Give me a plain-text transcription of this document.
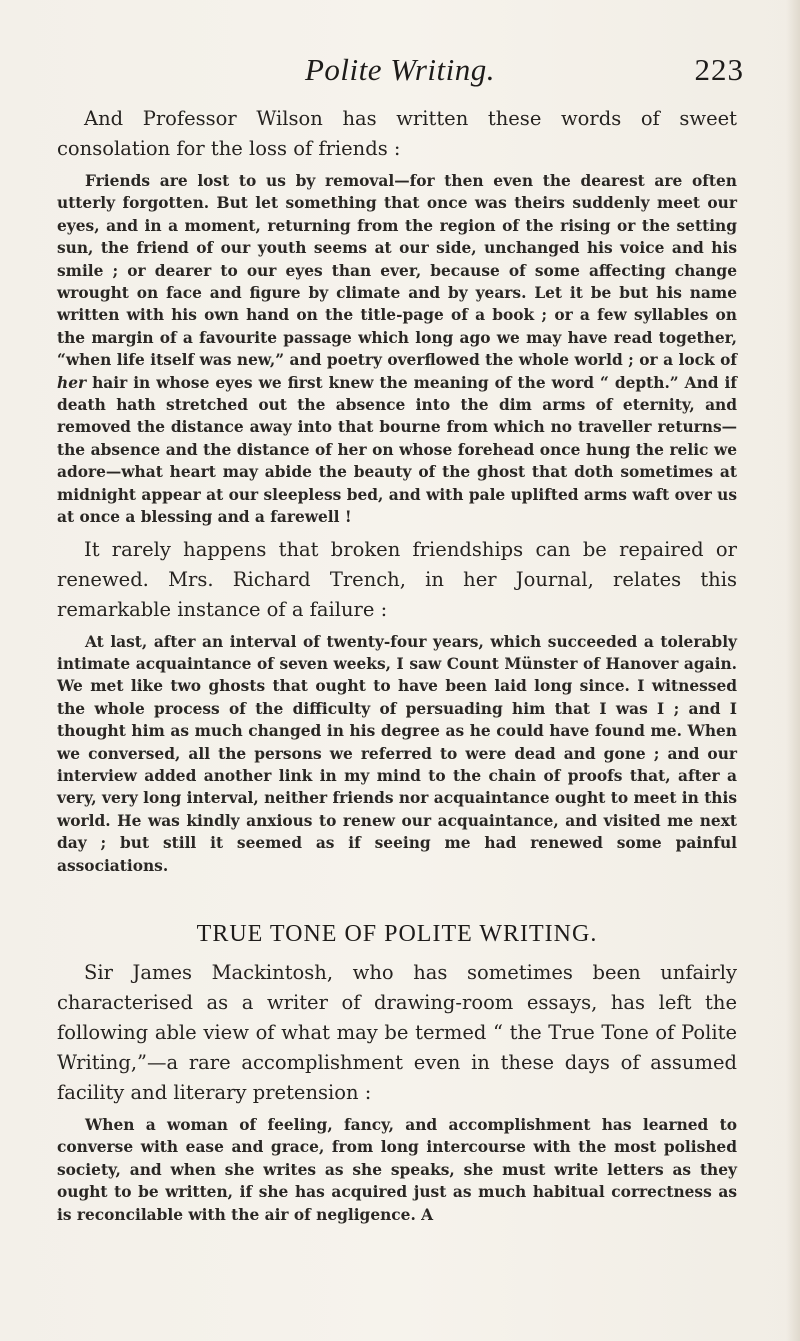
Polite Writing.	223

And Professor Wilson has written these words of sweet consolation for the loss of friends :

Friends are lost to us by removal—for then even the dearest are often utterly forgotten. But let something that once was theirs suddenly meet our eyes, and in a moment, returning from the region of the rising or the setting sun, the friend of our youth seems at our side, unchanged his voice and his smile ; or dearer to our eyes than ever, because of some affecting change wrought on face and figure by climate and by years. Let it be but his name written with his own hand on the title-page of a book ; or a few syllables on the margin of a favourite passage which long ago we may have read together, “when life itself was new,” and poetry overflowed the whole world ; or a lock of her hair in whose eyes we first knew the meaning of the word “ depth.” And if death hath stretched out the absence into the dim arms of eternity, and removed the distance away into that bourne from which no traveller returns—the absence and the distance of her on whose forehead once hung the relic we adore—what heart may abide the beauty of the ghost that doth sometimes at midnight appear at our sleepless bed, and with pale uplifted arms waft over us at once a blessing and a farewell !

It rarely happens that broken friendships can be repaired or renewed. Mrs. Richard Trench, in her Journal, relates this remarkable instance of a failure :

At last, after an interval of twenty-four years, which succeeded a tolerably intimate acquaintance of seven weeks, I saw Count Münster of Hanover again. We met like two ghosts that ought to have been laid long since. I witnessed the whole process of the difficulty of persuading him that I was I ; and I thought him as much changed in his degree as he could have found me. When we conversed, all the persons we referred to were dead and gone ; and our interview added another link in my mind to the chain of proofs that, after a very, very long interval, neither friends nor acquaintance ought to meet in this world. He was kindly anxious to renew our acquaintance, and visited me next day ; but still it seemed as if seeing me had renewed some painful associations.

TRUE TONE OF POLITE WRITING.

Sir James Mackintosh, who has sometimes been unfairly characterised as a writer of drawing-room essays, has left the following able view of what may be termed “ the True Tone of Polite Writing,”—a rare accomplishment even in these days of assumed facility and literary pretension :

When a woman of feeling, fancy, and accomplishment has learned to converse with ease and grace, from long intercourse with the most polished society, and when she writes as she speaks, she must write letters as they ought to be written, if she has acquired just as much habitual correctness as is reconcilable with the air of negligence. A
